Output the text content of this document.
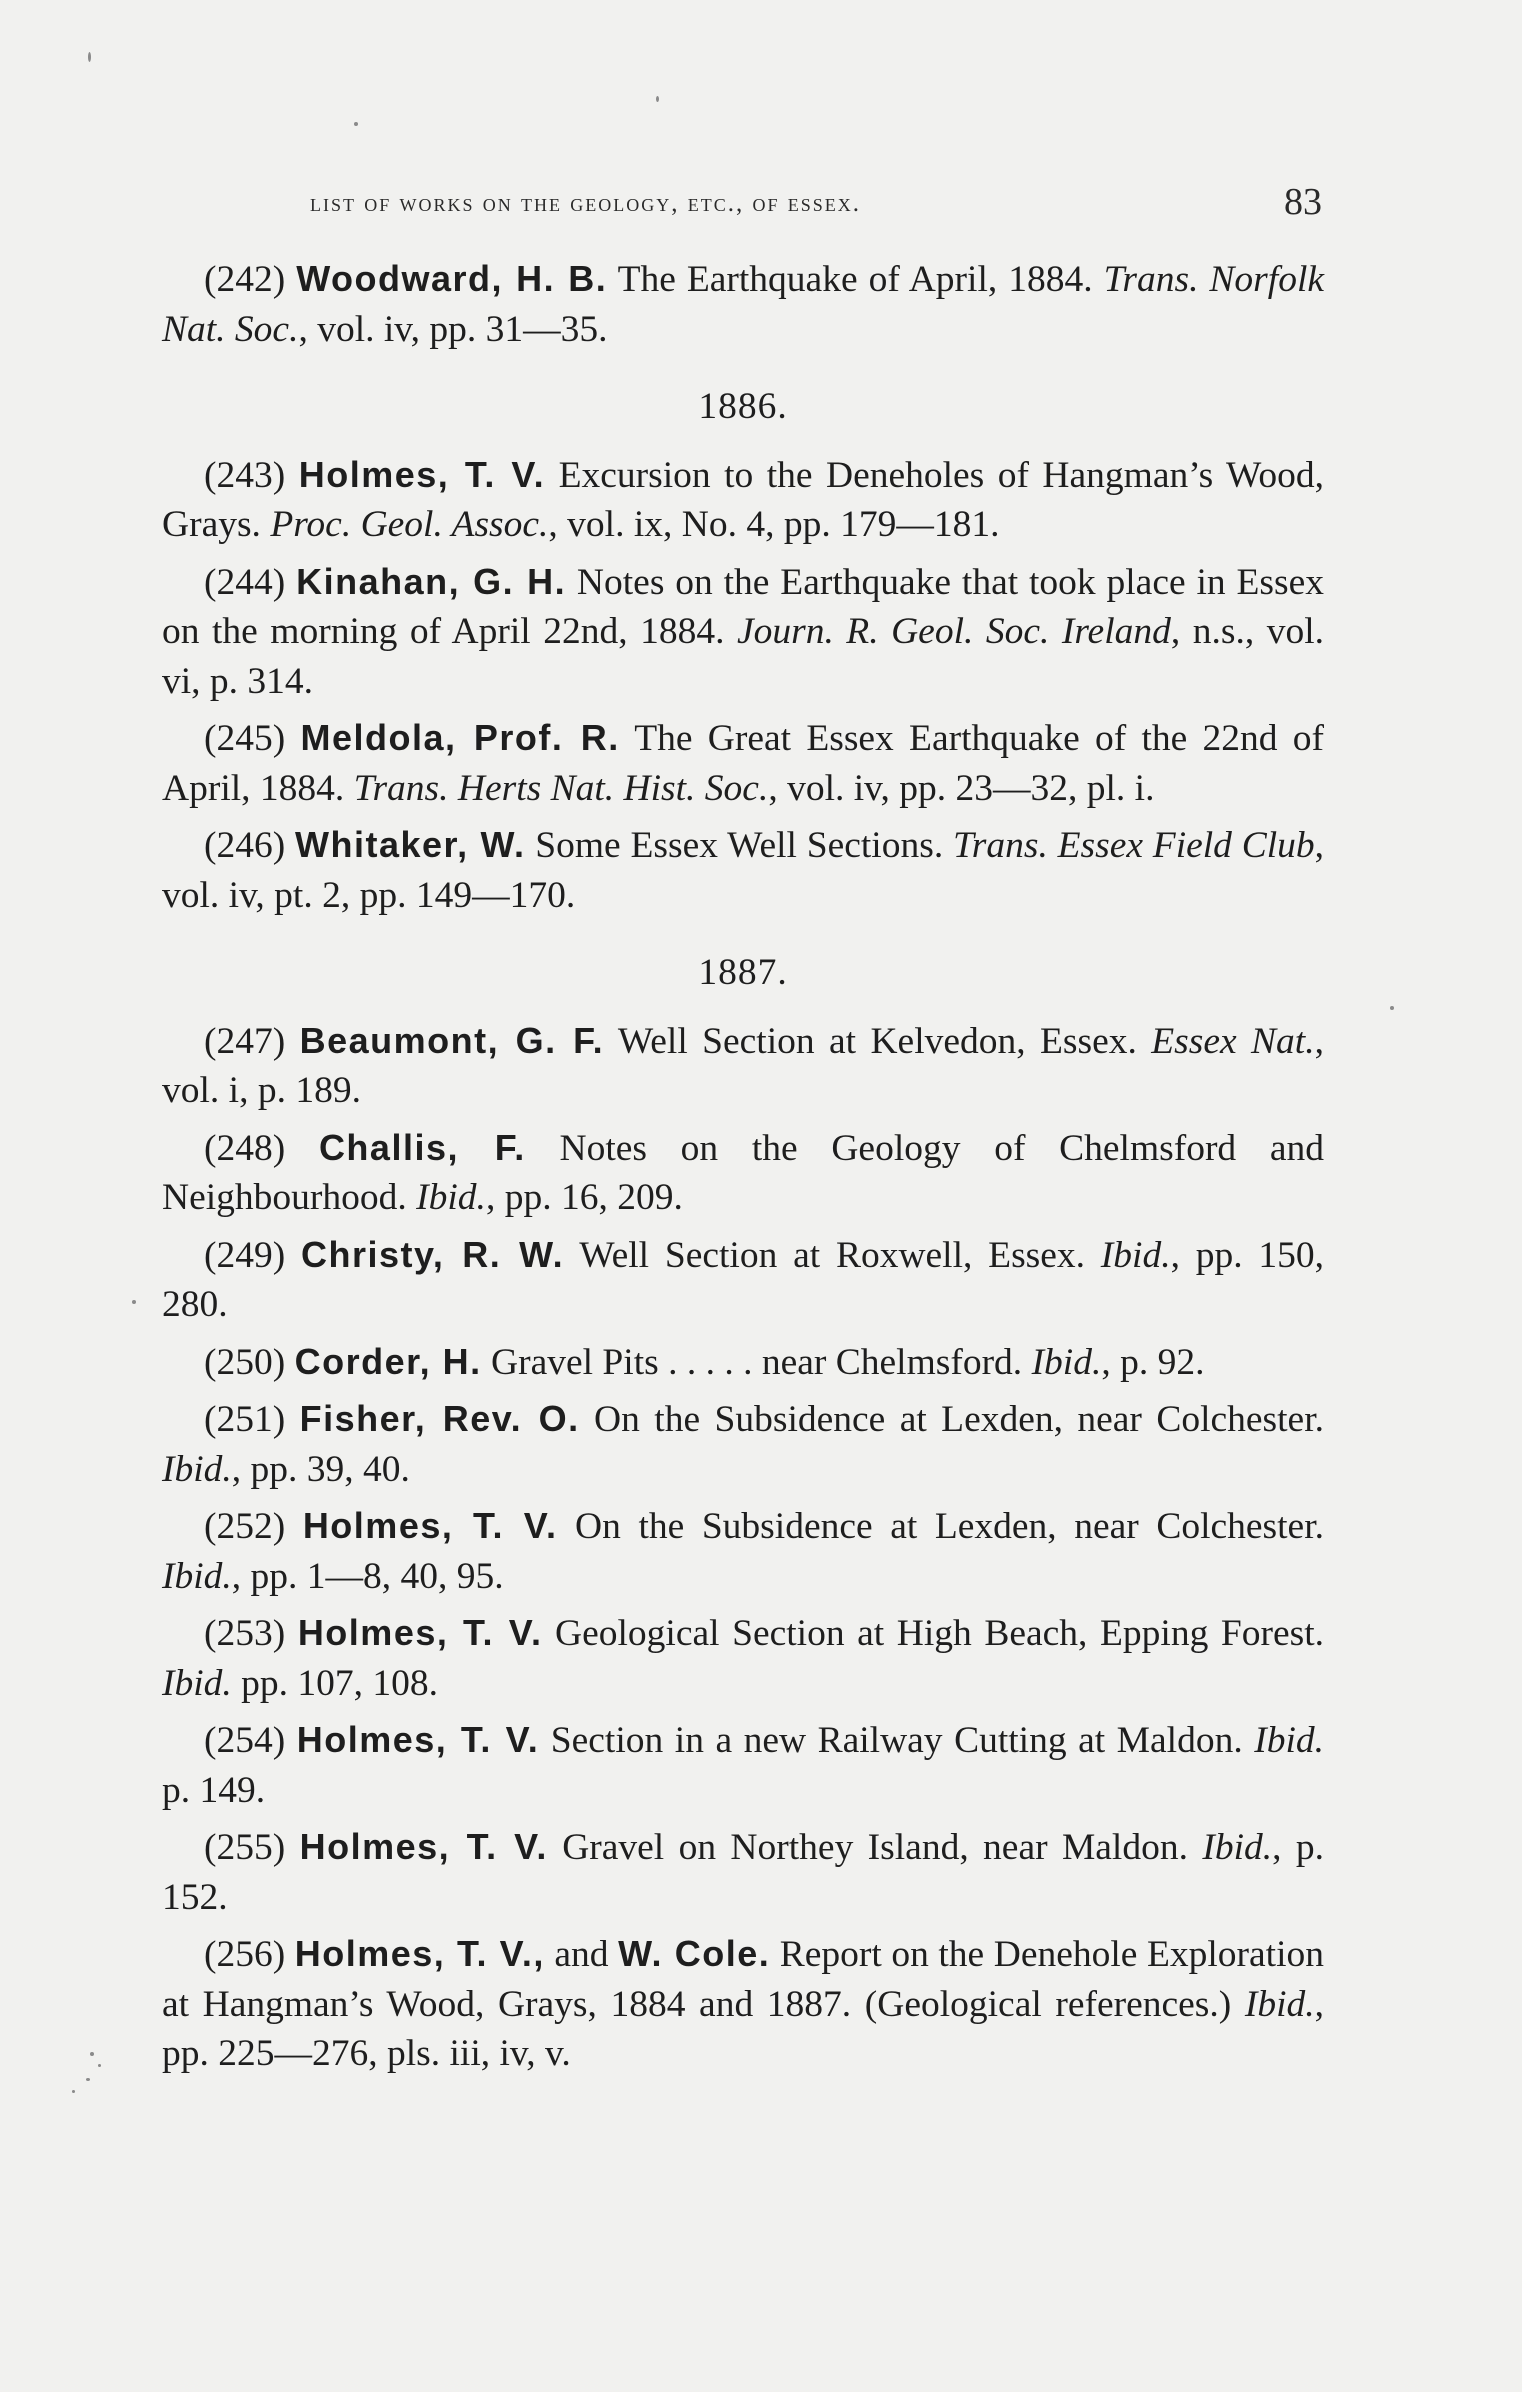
list of works on the geology, etc., of essex.	83

(242) Woodward, H. B. The Earthquake of April, 1884. Trans. Norfolk Nat. Soc., vol. iv, pp. 31—35.

1886.

(243) Holmes, T. V. Excursion to the Deneholes of Hangman’s Wood, Grays. Proc. Geol. Assoc., vol. ix, No. 4, pp. 179—181.

(244) Kinahan, G. H. Notes on the Earthquake that took place in Essex on the morning of April 22nd, 1884. Journ. R. Geol. Soc. Ireland, n.s., vol. vi, p. 314.

(245) Meldola, Prof. R. The Great Essex Earthquake of the 22nd of April, 1884. Trans. Herts Nat. Hist. Soc., vol. iv, pp. 23—32, pl. i.

(246) Whitaker, W. Some Essex Well Sections. Trans. Essex Field Club, vol. iv, pt. 2, pp. 149—170.

1887.

(247) Beaumont, G. F. Well Section at Kelvedon, Essex. Essex Nat., vol. i, p. 189.

(248) Challis, F. Notes on the Geology of Chelmsford and Neighbourhood. Ibid., pp. 16, 209.

(249) Christy, R. W. Well Section at Roxwell, Essex. Ibid., pp. 150, 280.

(250) Corder, H. Gravel Pits . . . . . near Chelmsford. Ibid., p. 92.

(251) Fisher, Rev. O. On the Subsidence at Lexden, near Colchester. Ibid., pp. 39, 40.

(252) Holmes, T. V. On the Subsidence at Lexden, near Colchester. Ibid., pp. 1—8, 40, 95.

(253) Holmes, T. V. Geological Section at High Beach, Epping Forest. Ibid. pp. 107, 108.

(254) Holmes, T. V. Section in a new Railway Cutting at Maldon. Ibid. p. 149.

(255) Holmes, T. V. Gravel on Northey Island, near Maldon. Ibid., p. 152.

(256) Holmes, T. V., and W. Cole. Report on the Denehole Exploration at Hangman’s Wood, Grays, 1884 and 1887. (Geological references.) Ibid., pp. 225—276, pls. iii, iv, v.
